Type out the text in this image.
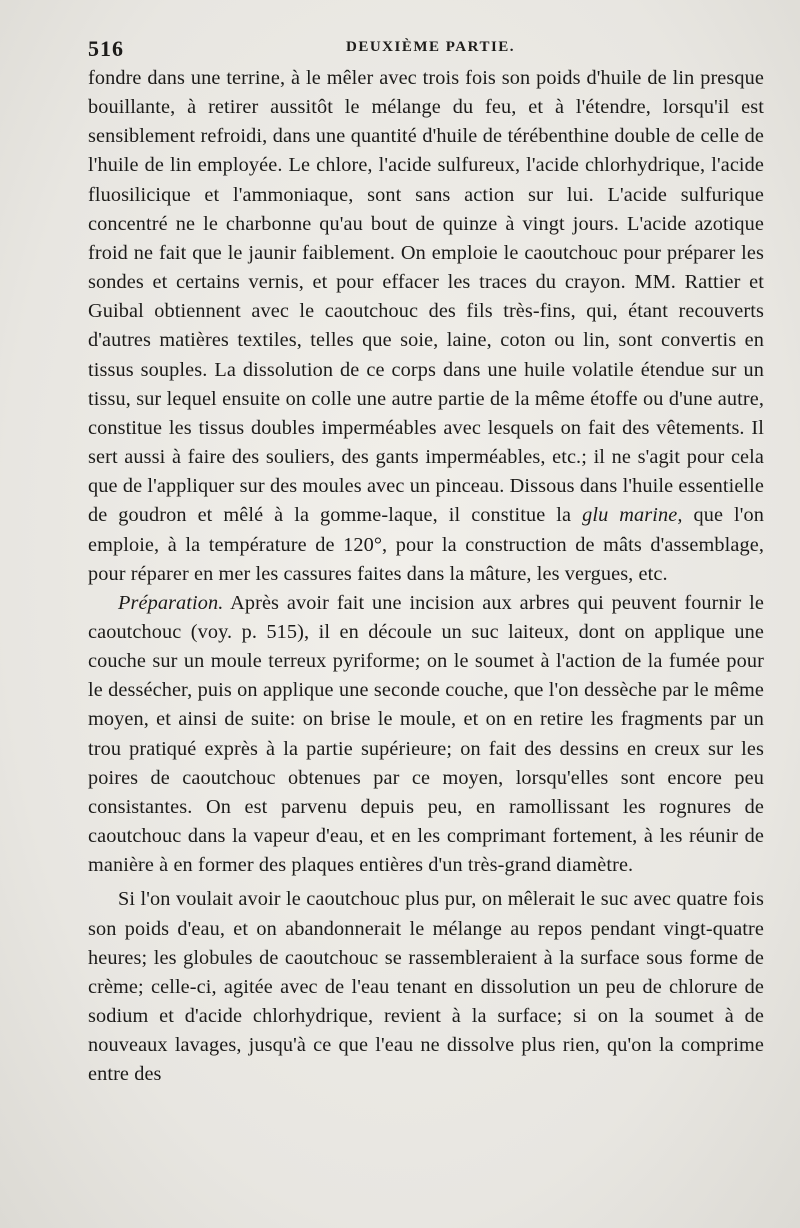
516	DEUXIÈME PARTIE.

fondre dans une terrine, à le mêler avec trois fois son poids d'huile de lin presque bouillante, à retirer aussitôt le mélange du feu, et à l'étendre, lorsqu'il est sensiblement refroidi, dans une quantité d'huile de térébenthine double de celle de l'huile de lin employée. Le chlore, l'acide sulfureux, l'acide chlorhydrique, l'acide fluosilicique et l'ammoniaque, sont sans action sur lui. L'acide sulfurique concentré ne le charbonne qu'au bout de quinze à vingt jours. L'acide azotique froid ne fait que le jaunir faiblement. On emploie le caoutchouc pour préparer les sondes et certains vernis, et pour effacer les traces du crayon. MM. Rattier et Guibal obtiennent avec le caoutchouc des fils très-fins, qui, étant recouverts d'autres matières textiles, telles que soie, laine, coton ou lin, sont convertis en tissus souples. La dissolution de ce corps dans une huile volatile étendue sur un tissu, sur lequel ensuite on colle une autre partie de la même étoffe ou d'une autre, constitue les tissus doubles imperméables avec lesquels on fait des vêtements. Il sert aussi à faire des souliers, des gants imperméables, etc.; il ne s'agit pour cela que de l'appliquer sur des moules avec un pinceau. Dissous dans l'huile essentielle de goudron et mêlé à la gomme-laque, il constitue la glu marine, que l'on emploie, à la température de 120°, pour la construction de mâts d'assemblage, pour réparer en mer les cassures faites dans la mâture, les vergues, etc.

Préparation. Après avoir fait une incision aux arbres qui peuvent fournir le caoutchouc (voy. p. 515), il en découle un suc laiteux, dont on applique une couche sur un moule terreux pyriforme; on le soumet à l'action de la fumée pour le dessécher, puis on applique une seconde couche, que l'on dessèche par le même moyen, et ainsi de suite: on brise le moule, et on en retire les fragments par un trou pratiqué exprès à la partie supérieure; on fait des dessins en creux sur les poires de caoutchouc obtenues par ce moyen, lorsqu'elles sont encore peu consistantes. On est parvenu depuis peu, en ramollissant les rognures de caoutchouc dans la vapeur d'eau, et en les comprimant fortement, à les réunir de manière à en former des plaques entières d'un très-grand diamètre.

Si l'on voulait avoir le caoutchouc plus pur, on mêlerait le suc avec quatre fois son poids d'eau, et on abandonnerait le mélange au repos pendant vingt-quatre heures; les globules de caoutchouc se rassembleraient à la surface sous forme de crème; celle-ci, agitée avec de l'eau tenant en dissolution un peu de chlorure de sodium et d'acide chlorhydrique, revient à la surface; si on la soumet à de nouveaux lavages, jusqu'à ce que l'eau ne dissolve plus rien, qu'on la comprime entre des
